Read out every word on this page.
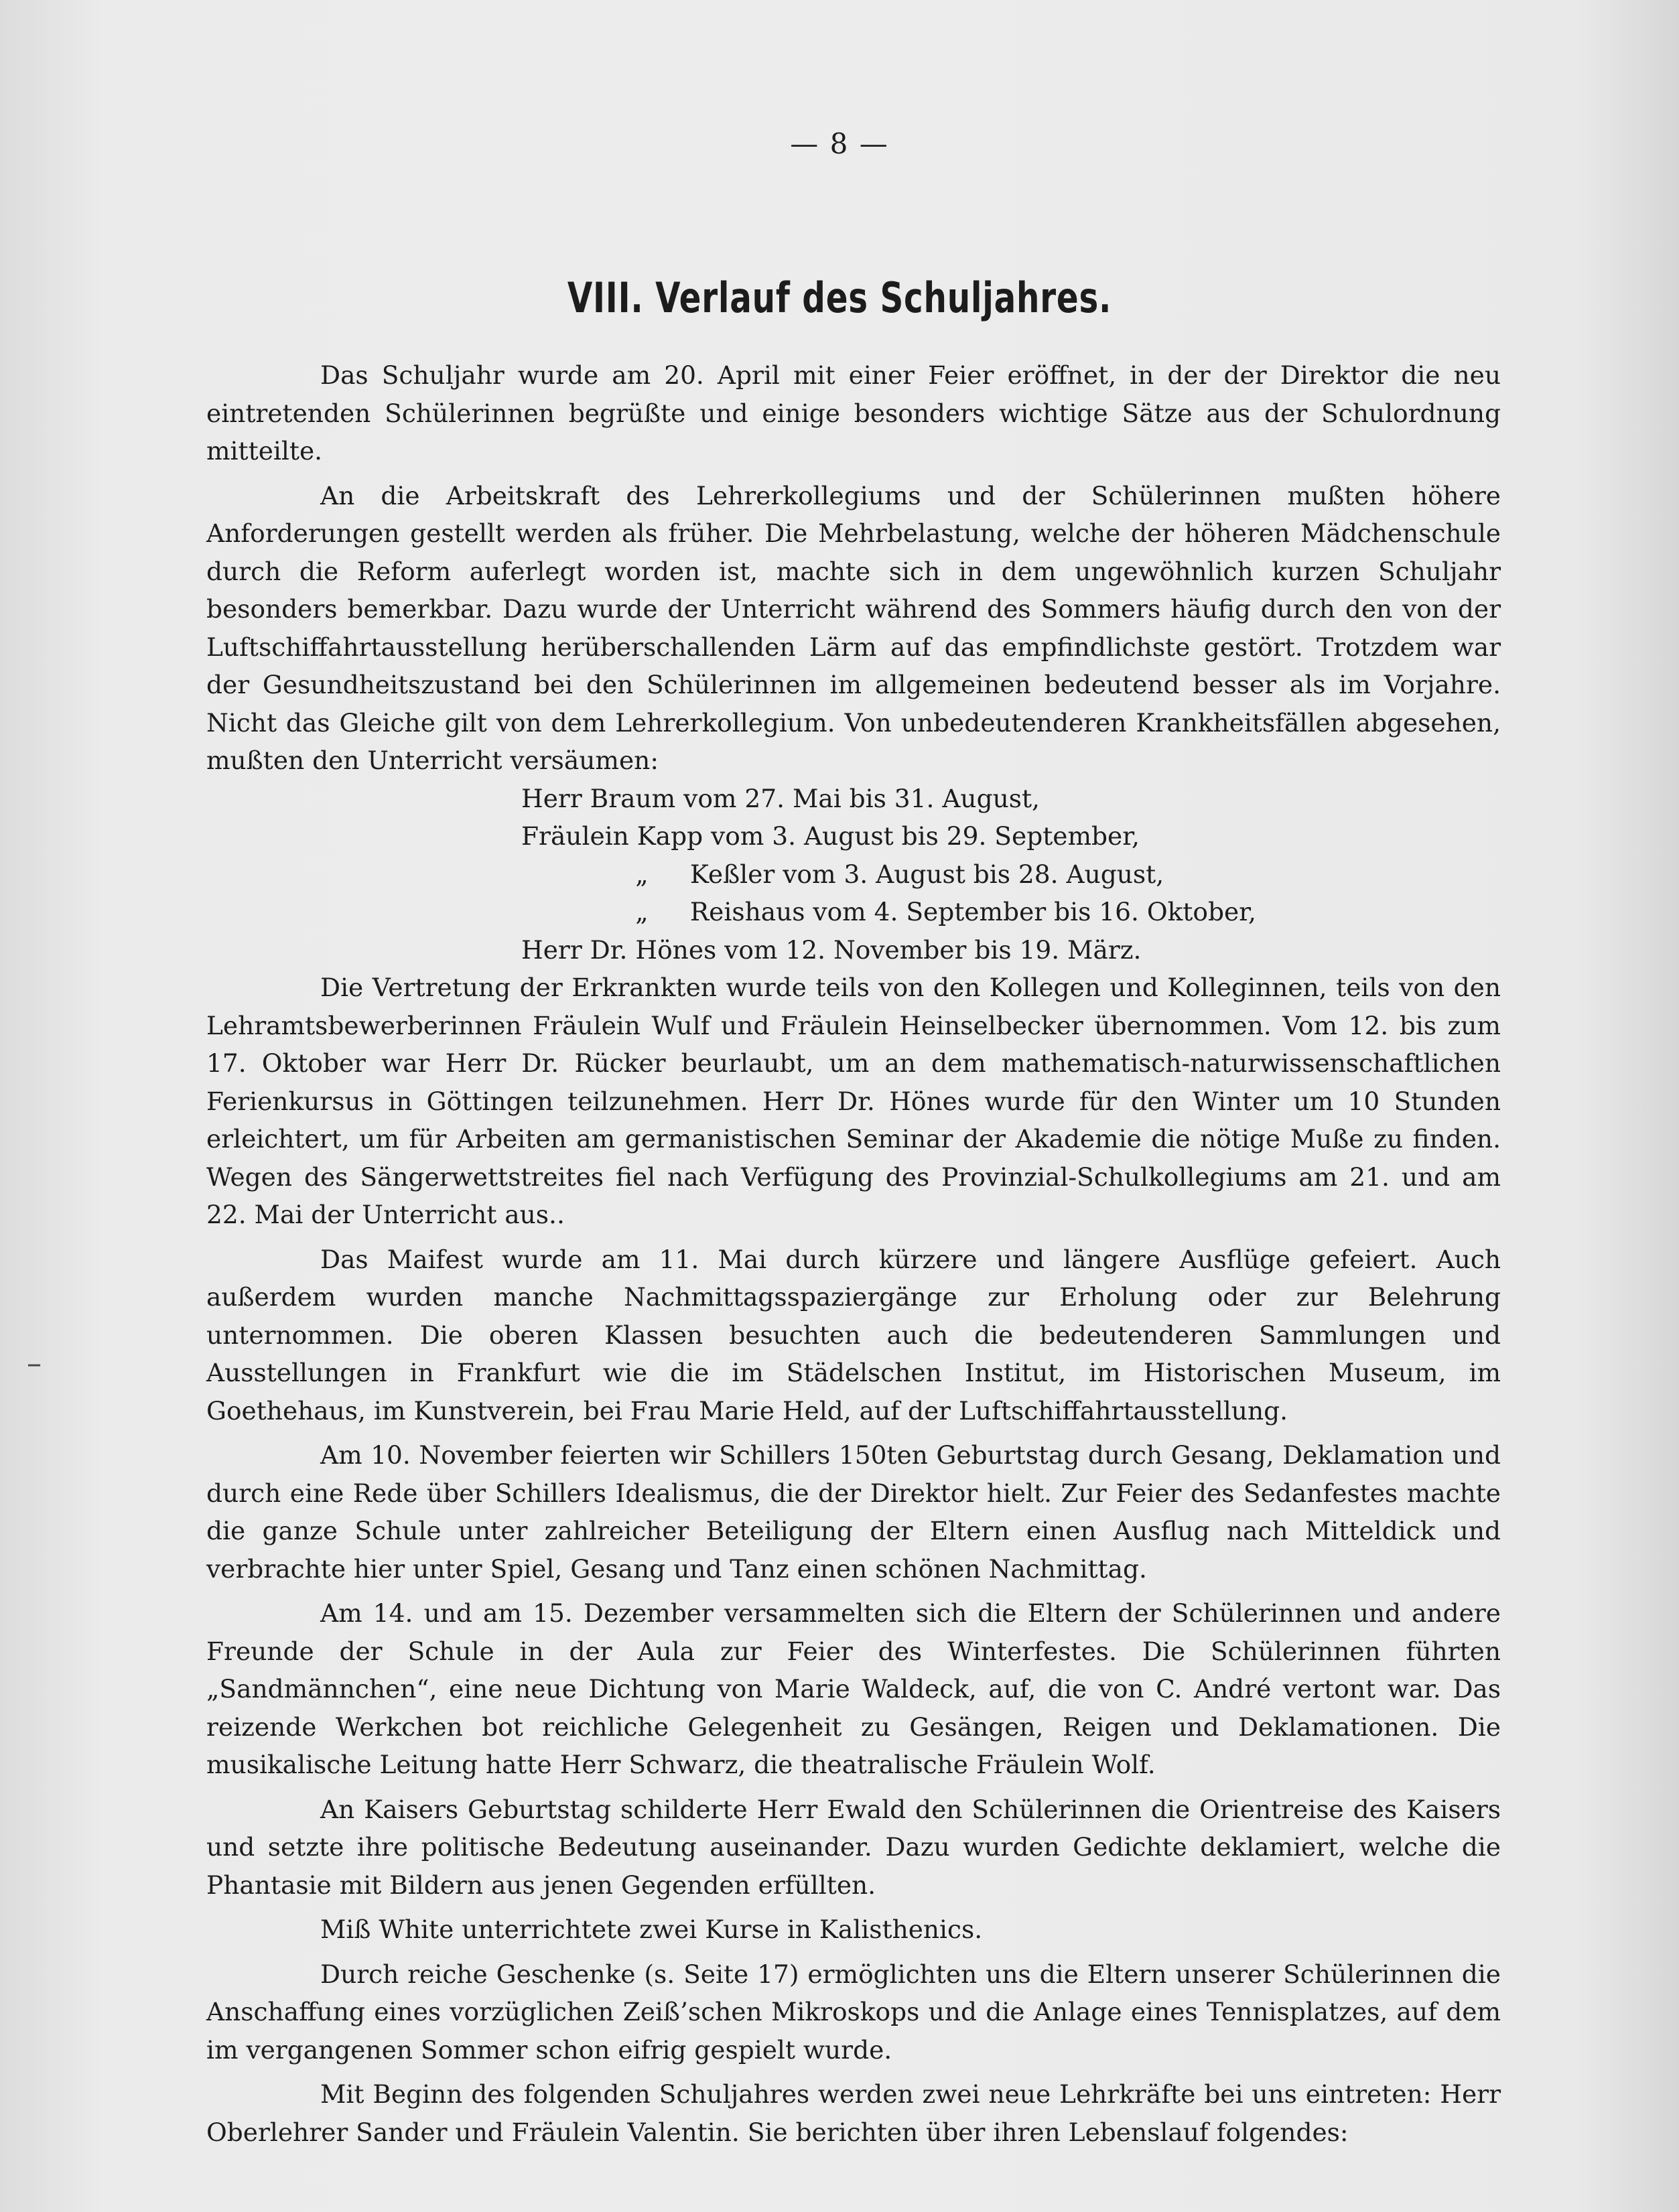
— 8 —
VIII. Verlauf des Schuljahres.

Das Schuljahr wurde am 20. April mit einer Feier eröffnet, in der der Direktor die neu eintretenden Schülerinnen begrüßte und einige besonders wichtige Sätze aus der Schulordnung mitteilte.

An die Arbeitskraft des Lehrerkollegiums und der Schülerinnen mußten höhere Anforderungen gestellt werden als früher. Die Mehrbelastung, welche der höheren Mädchenschule durch die Reform auferlegt worden ist, machte sich in dem ungewöhnlich kurzen Schuljahr besonders bemerkbar. Dazu wurde der Unterricht während des Sommers häufig durch den von der Luftschiffahrtausstellung herüberschallenden Lärm auf das empfindlichste gestört. Trotzdem war der Gesundheitszustand bei den Schülerinnen im allgemeinen bedeutend besser als im Vorjahre. Nicht das Gleiche gilt von dem Lehrerkollegium. Von unbedeutenderen Krankheitsfällen abgesehen, mußten den Unterricht versäumen:

Herr Braum vom 27. Mai bis 31. August,
Fräulein Kapp vom 3. August bis 29. September,
„ Keßler vom 3. August bis 28. August,
„ Reishaus vom 4. September bis 16. Oktober,
Herr Dr. Hönes vom 12. November bis 19. März.

Die Vertretung der Erkrankten wurde teils von den Kollegen und Kolleginnen, teils von den Lehramtsbewerberinnen Fräulein Wulf und Fräulein Heinselbecker übernommen. Vom 12. bis zum 17. Oktober war Herr Dr. Rücker beurlaubt, um an dem mathematisch-naturwissenschaftlichen Ferienkursus in Göttingen teilzunehmen. Herr Dr. Hönes wurde für den Winter um 10 Stunden erleichtert, um für Arbeiten am germanistischen Seminar der Akademie die nötige Muße zu finden. Wegen des Sängerwettstreites fiel nach Verfügung des Provinzial-Schulkollegiums am 21. und am 22. Mai der Unterricht aus..

Das Maifest wurde am 11. Mai durch kürzere und längere Ausflüge gefeiert. Auch außerdem wurden manche Nachmittagsspaziergänge zur Erholung oder zur Belehrung unternommen. Die oberen Klassen besuchten auch die bedeutenderen Sammlungen und Ausstellungen in Frankfurt wie die im Städelschen Institut, im Historischen Museum, im Goethehaus, im Kunstverein, bei Frau Marie Held, auf der Luftschiffahrtausstellung.

Am 10. November feierten wir Schillers 150ten Geburtstag durch Gesang, Deklamation und durch eine Rede über Schillers Idealismus, die der Direktor hielt. Zur Feier des Sedanfestes machte die ganze Schule unter zahlreicher Beteiligung der Eltern einen Ausflug nach Mitteldick und verbrachte hier unter Spiel, Gesang und Tanz einen schönen Nachmittag.

Am 14. und am 15. Dezember versammelten sich die Eltern der Schülerinnen und andere Freunde der Schule in der Aula zur Feier des Winterfestes. Die Schülerinnen führten „Sandmännchen“, eine neue Dichtung von Marie Waldeck, auf, die von C. André vertont war. Das reizende Werkchen bot reichliche Gelegenheit zu Gesängen, Reigen und Deklamationen. Die musikalische Leitung hatte Herr Schwarz, die theatralische Fräulein Wolf.

An Kaisers Geburtstag schilderte Herr Ewald den Schülerinnen die Orientreise des Kaisers und setzte ihre politische Bedeutung auseinander. Dazu wurden Gedichte deklamiert, welche die Phantasie mit Bildern aus jenen Gegenden erfüllten.

Miß White unterrichtete zwei Kurse in Kalisthenics.

Durch reiche Geschenke (s. Seite 17) ermöglichten uns die Eltern unserer Schülerinnen die Anschaffung eines vorzüglichen Zeiß’schen Mikroskops und die Anlage eines Tennisplatzes, auf dem im vergangenen Sommer schon eifrig gespielt wurde.

Mit Beginn des folgenden Schuljahres werden zwei neue Lehrkräfte bei uns eintreten: Herr Oberlehrer Sander und Fräulein Valentin. Sie berichten über ihren Lebenslauf folgendes:

–
